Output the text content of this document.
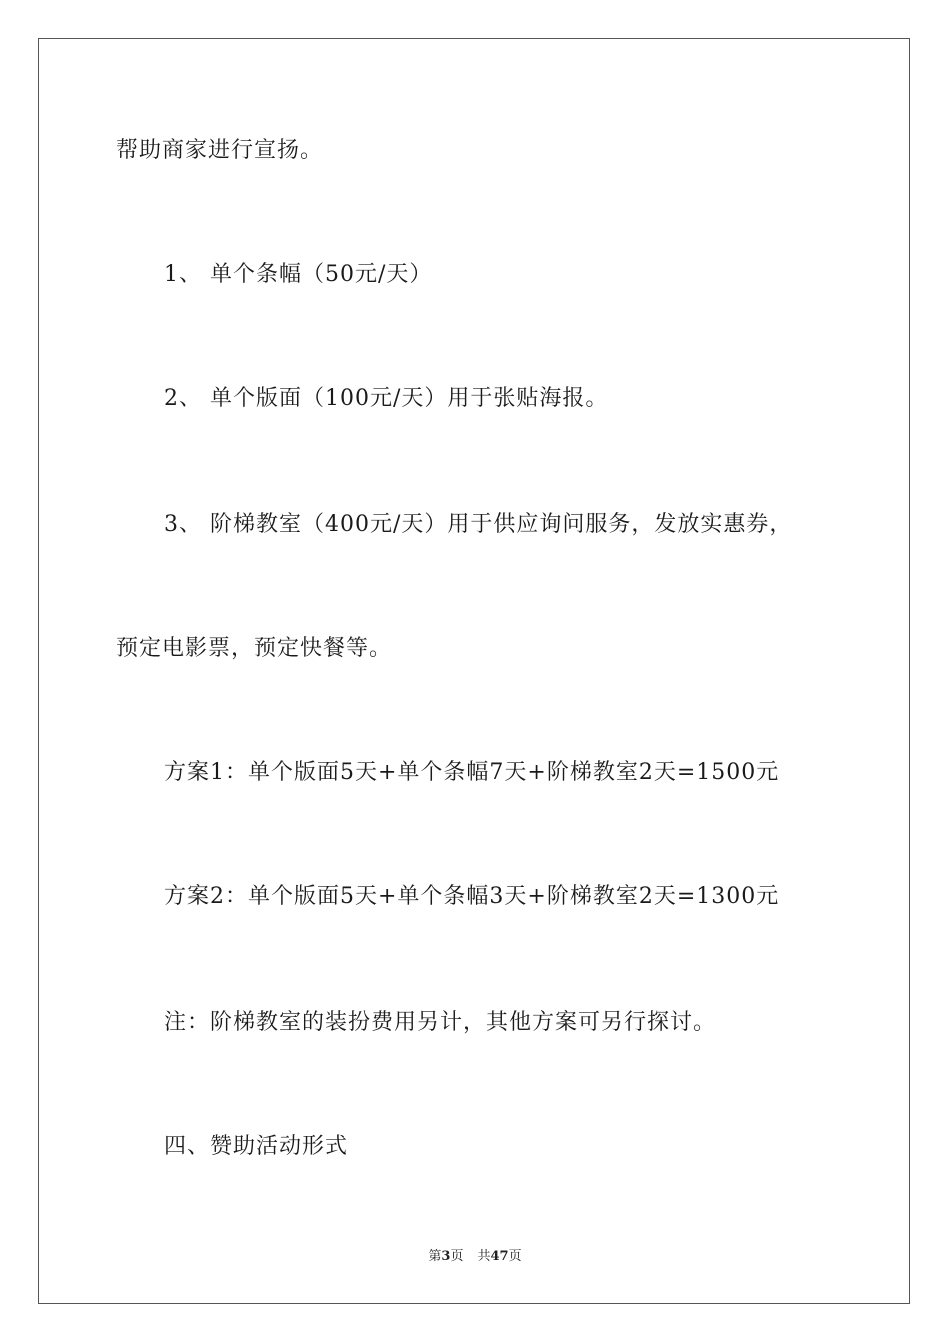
帮助商家进行宣扬。
1、 单个条幅（50元/天）
2、 单个版面（100元/天）用于张贴海报。
3、 阶梯教室（400元/天）用于供应询问服务，发放实惠券，
预定电影票，预定快餐等。
方案1：单个版面5天+单个条幅7天+阶梯教室2天=1500元
方案2：单个版面5天+单个条幅3天+阶梯教室2天=1300元
注：阶梯教室的装扮费用另计，其他方案可另行探讨。
四、赞助活动形式
第3页 共47页
